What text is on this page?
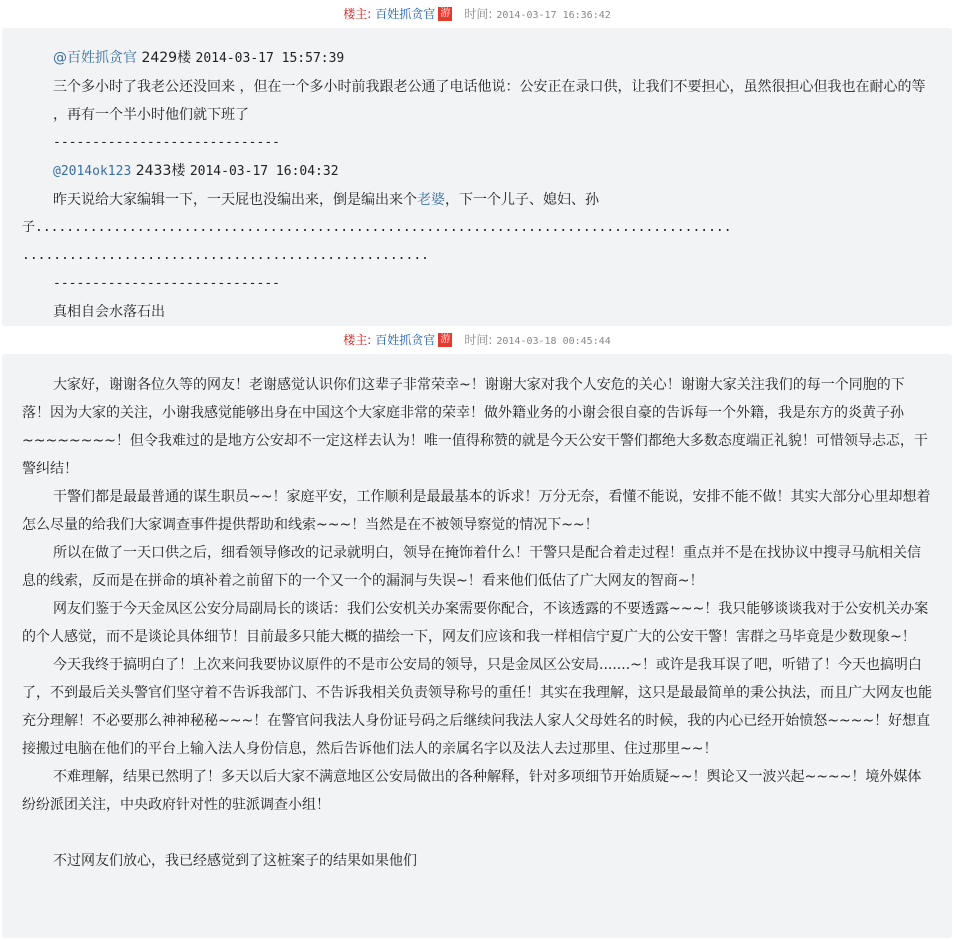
楼主: 百姓抓贪官 游 时间: 2014-03-17 16:36:42
@百姓抓贪官 2429楼 2014-03-17 15:57:39
三个多小时了我老公还没回来 ，但在一个多小时前我跟老公通了电话他说：公安正在录口供，让我们不要担心，虽然很担心但我也在耐心的等 ，再有一个半小时他们就下班了
-----------------------------
@2014ok123 2433楼 2014-03-17 16:04:32
昨天说给大家编辑一下，一天屁也没编出来，倒是编出来个老婆，下一个儿子、媳妇、孙
子.........................................................................................
....................................................
-----------------------------
真相自会水落石出
楼主: 百姓抓贪官 游 时间: 2014-03-18 00:45:44

大家好，谢谢各位久等的网友！老谢感觉认识你们这辈子非常荣幸~！谢谢大家对我个人安危的关心！谢谢大家关注我们的每一个同胞的下落！因为大家的关注，小谢我感觉能够出身在中国这个大家庭非常的荣幸！做外籍业务的小谢会很自豪的告诉每一个外籍，我是东方的炎黄子孙~~~~~~~~！但令我难过的是地方公安却不一定这样去认为！唯一值得称赞的就是今天公安干警们都绝大多数态度端正礼貌！可惜领导忐忑，干警纠结！

干警们都是最最普通的谋生职员~~！家庭平安，工作顺利是最最基本的诉求！万分无奈，看懂不能说，安排不能不做！其实大部分心里却想着怎么尽量的给我们大家调查事件提供帮助和线索~~~！当然是在不被领导察觉的情况下~~！

所以在做了一天口供之后，细看领导修改的记录就明白，领导在掩饰着什么！干警只是配合着走过程！重点并不是在找协议中搜寻马航相关信息的线索，反而是在拼命的填补着之前留下的一个又一个的漏洞与失误~！看来他们低估了广大网友的智商~！

网友们鉴于今天金凤区公安分局副局长的谈话：我们公安机关办案需要你配合，不该透露的不要透露~~~！我只能够谈谈我对于公安机关办案的个人感觉，而不是谈论具体细节！目前最多只能大概的描绘一下，网友们应该和我一样相信宁夏广大的公安干警！害群之马毕竟是少数现象~！

今天我终于搞明白了！上次来问我要协议原件的不是市公安局的领导，只是金凤区公安局.......~！或许是我耳误了吧，听错了！今天也搞明白了，不到最后关头警官们坚守着不告诉我部门、不告诉我相关负责领导称号的重任！其实在我理解，这只是最最简单的秉公执法，而且广大网友也能充分理解！不必要那么神神秘秘~~~！在警官问我法人身份证号码之后继续问我法人家人父母姓名的时候，我的内心已经开始愤怒~~~~！好想直接搬过电脑在他们的平台上输入法人身份信息，然后告诉他们法人的亲属名字以及法人去过那里、住过那里~~！

不难理解，结果已然明了！多天以后大家不满意地区公安局做出的各种解释，针对多项细节开始质疑~~！舆论又一波兴起~~~~！境外媒体纷纷派团关注，中央政府针对性的驻派调查小组！

不过网友们放心，我已经感觉到了这桩案子的结果如果他们
